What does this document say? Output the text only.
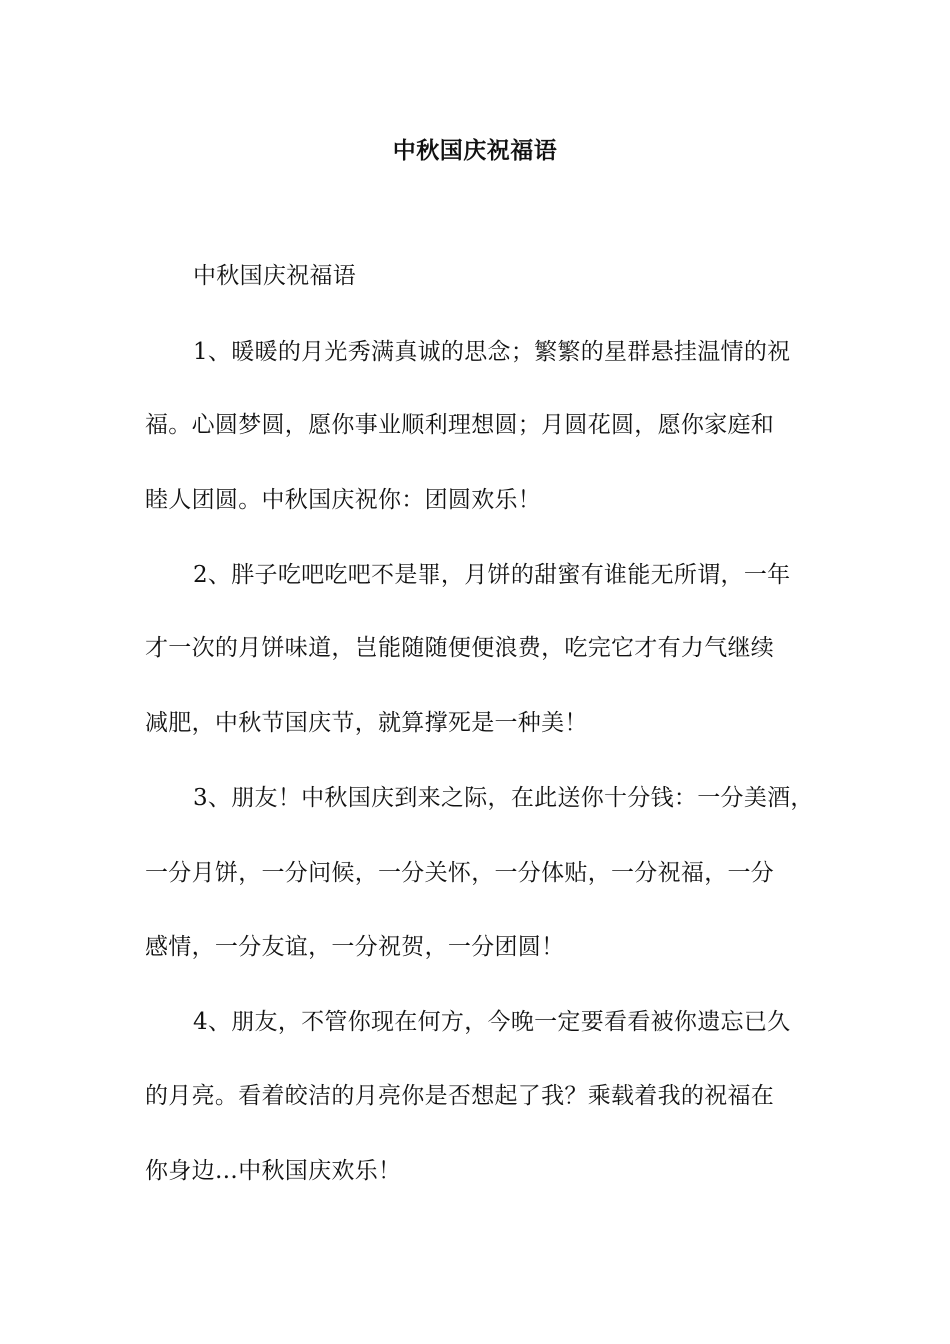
中秋国庆祝福语
中秋国庆祝福语
1、暖暖的月光秀满真诚的思念；繁繁的星群悬挂温情的祝
福。心圆梦圆，愿你事业顺利理想圆；月圆花圆，愿你家庭和
睦人团圆。中秋国庆祝你：团圆欢乐！
2、胖子吃吧吃吧不是罪，月饼的甜蜜有谁能无所谓，一年
才一次的月饼味道，岂能随随便便浪费，吃完它才有力气继续
减肥，中秋节国庆节，就算撑死是一种美！
3、朋友！中秋国庆到来之际，在此送你十分钱：一分美酒，
一分月饼，一分问候，一分关怀，一分体贴，一分祝福，一分
感情，一分友谊，一分祝贺，一分团圆！
4、朋友，不管你现在何方，今晚一定要看看被你遗忘已久
的月亮。看着皎洁的月亮你是否想起了我？乘载着我的祝福在
你身边…中秋国庆欢乐！
